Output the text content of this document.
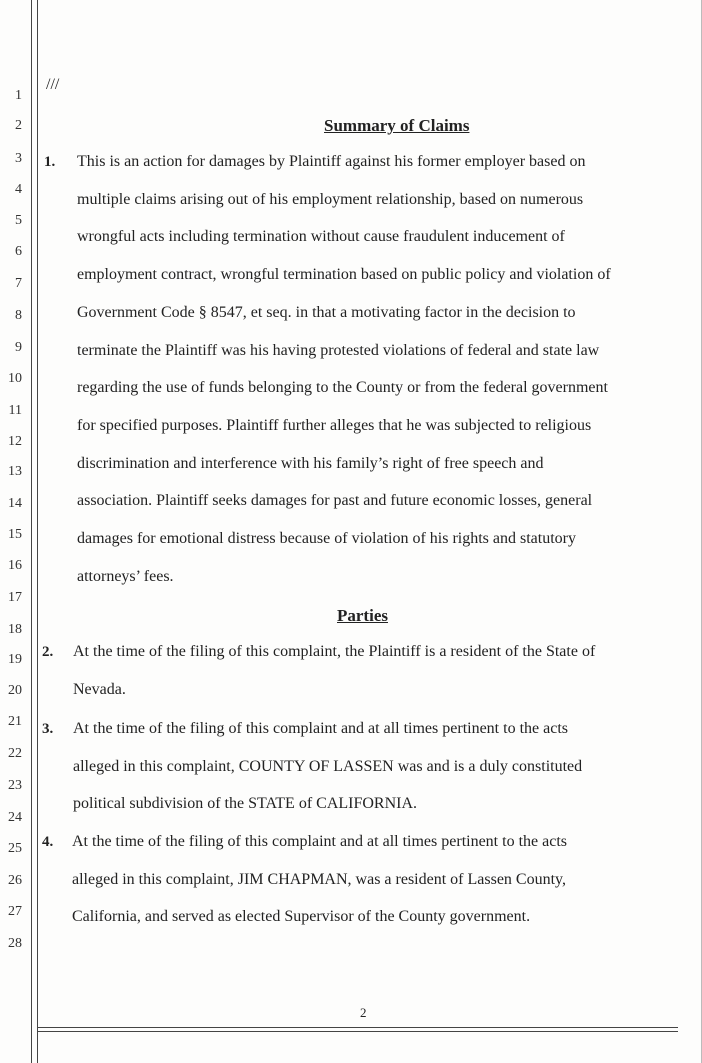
1
2
3
4
5
6
7
8
9
10
11
12
13
14
15
16
17
18
19
20
21
22
23
24
25
26
27
28
///
Summary of Claims
Parties
1. This is an action for damages by Plaintiff against his former employer based on
multiple claims arising out of his employment relationship, based on numerous
wrongful acts including termination without cause fraudulent inducement of
employment contract, wrongful termination based on public policy and violation of
Government Code § 8547, et seq. in that a motivating factor in the decision to
terminate the Plaintiff was his having protested violations of federal and state law
regarding the use of funds belonging to the County or from the federal government
for specified purposes. Plaintiff further alleges that he was subjected to religious
discrimination and interference with his family’s right of free speech and
association. Plaintiff seeks damages for past and future economic losses, general
damages for emotional distress because of violation of his rights and statutory
attorneys’ fees.
2. At the time of the filing of this complaint, the Plaintiff is a resident of the State of
Nevada.
3. At the time of the filing of this complaint and at all times pertinent to the acts
alleged in this complaint, COUNTY OF LASSEN was and is a duly constituted
political subdivision of the STATE of CALIFORNIA.
4. At the time of the filing of this complaint and at all times pertinent to the acts
alleged in this complaint, JIM CHAPMAN, was a resident of Lassen County,
California, and served as elected Supervisor of the County government.
2
